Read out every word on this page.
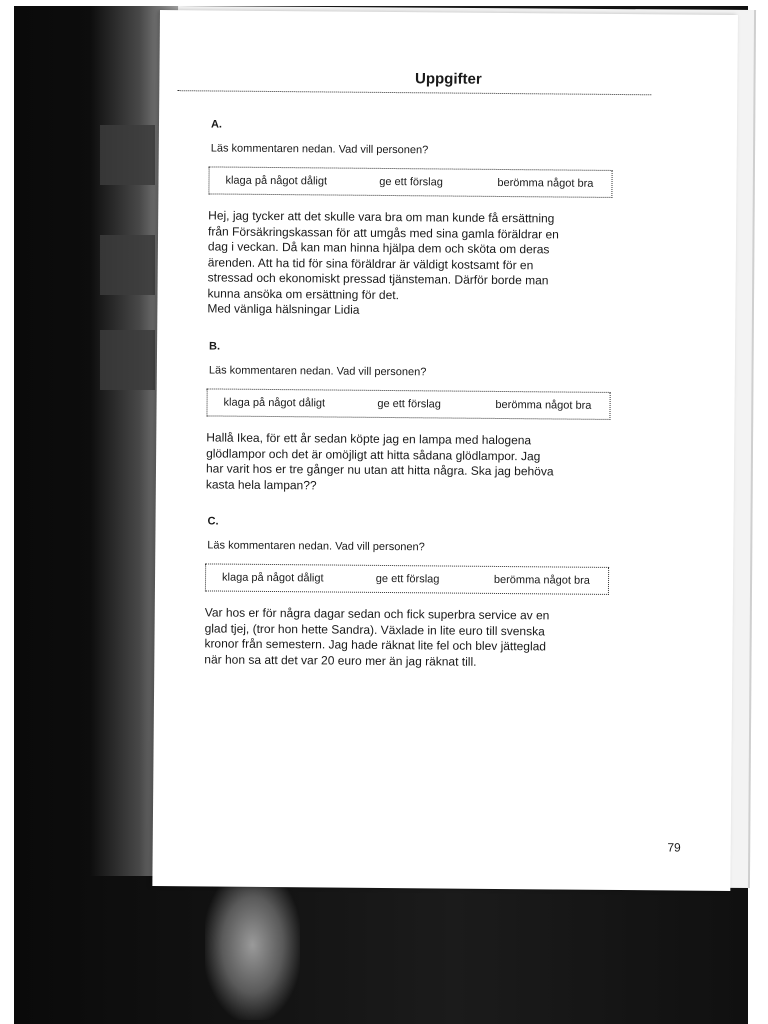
Uppgifter
A.
Läs kommentaren nedan. Vad vill personen?
klaga på något dåligt	ge ett förslag	berömma något bra
Hej, jag tycker att det skulle vara bra om man kunde få ersättning
från Försäkringskassan för att umgås med sina gamla föräldrar en
dag i veckan. Då kan man hinna hjälpa dem och sköta om deras
ärenden. Att ha tid för sina föräldrar är väldigt kostsamt för en
stressad och ekonomiskt pressad tjänsteman. Därför borde man
kunna ansöka om ersättning för det.
Med vänliga hälsningar Lidia
B.
Läs kommentaren nedan. Vad vill personen?
klaga på något dåligt	ge ett förslag	berömma något bra
Hallå Ikea, för ett år sedan köpte jag en lampa med halogena
glödlampor och det är omöjligt att hitta sådana glödlampor. Jag
har varit hos er tre gånger nu utan att hitta några. Ska jag behöva
kasta hela lampan??
C.
Läs kommentaren nedan. Vad vill personen?
klaga på något dåligt	ge ett förslag	berömma något bra
Var hos er för några dagar sedan och fick superbra service av en
glad tjej, (tror hon hette Sandra). Växlade in lite euro till svenska
kronor från semestern. Jag hade räknat lite fel och blev jätteglad
när hon sa att det var 20 euro mer än jag räknat till.
79
